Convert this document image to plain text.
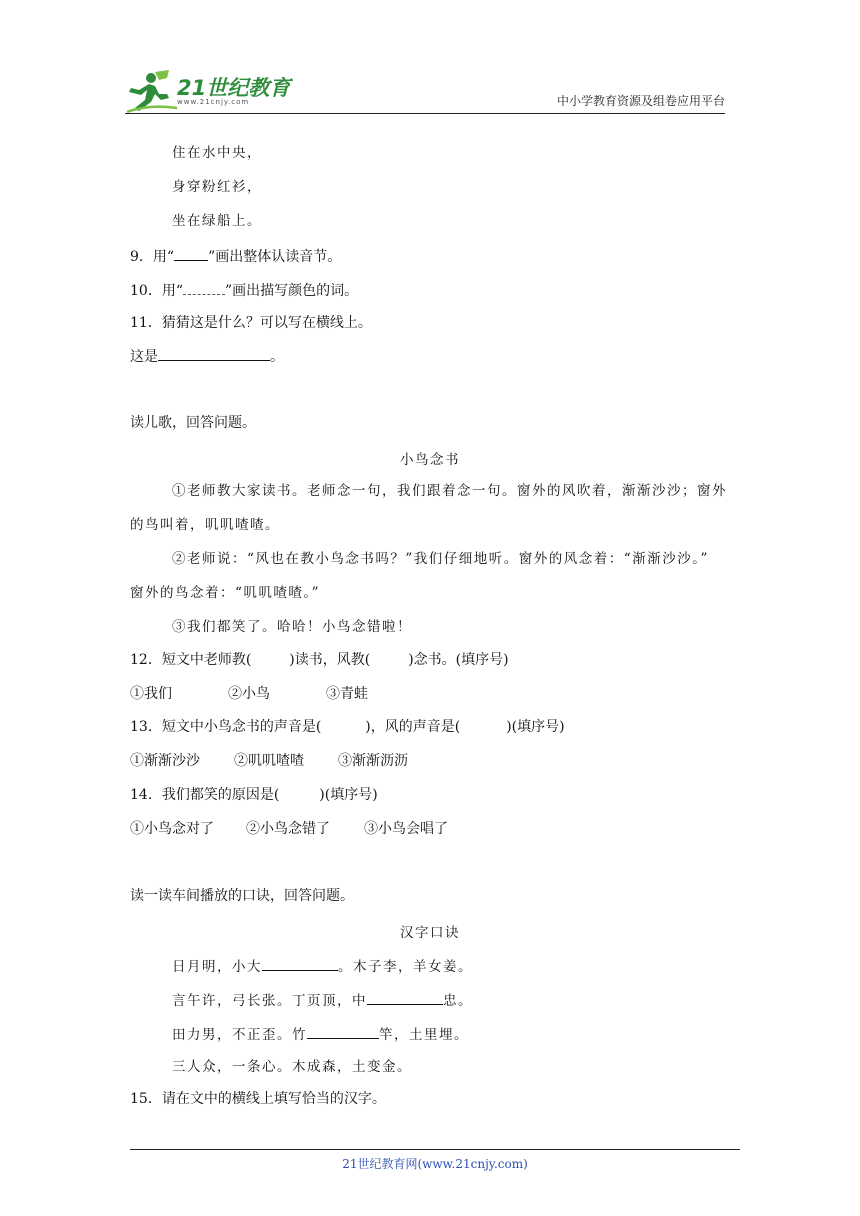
21世纪教育
www.21cnjy.com	中小学教育资源及组卷应用平台
住在水中央，
身穿粉红衫，
坐在绿船上。
9．用“ ”画出整体认读音节。
10．用“	”画出描写颜色的词。
11．猜猜这是什么？可以写在横线上。
这是	。
读儿歌，回答问题。
小鸟念书
①老师教大家读书。老师念一句，我们跟着念一句。窗外的风吹着，渐渐沙沙；窗外
的鸟叫着，叽叽喳喳。
②老师说：“风也在教小鸟念书吗？”我们仔细地听。窗外的风念着：“渐渐沙沙。”
窗外的鸟念着：“叽叽喳喳。”
③我们都笑了。哈哈！小鸟念错啦！
12．短文中老师教(	)读书，风教(	)念书。(填序号)
①我们	②小鸟	③青蛙
13．短文中小鸟念书的声音是(	)，风的声音是(	)(填序号)
①渐渐沙沙 ②叽叽喳喳 ③渐渐沥沥
14．我们都笑的原因是(	)(填序号)
①小鸟念对了 ②小鸟念错了 ③小鸟会唱了
读一读车间播放的口诀，回答问题。
汉字口诀
日月明，小大	。木子李，羊女姜。
言午许，弓长张。丁页顶，中	忠。
田力男，不正歪。竹	竿，土里埋。
三人众，一条心。木成森，土变金。
15．请在文中的横线上填写恰当的汉字。
21世纪教育网(www.21cnjy.com)
